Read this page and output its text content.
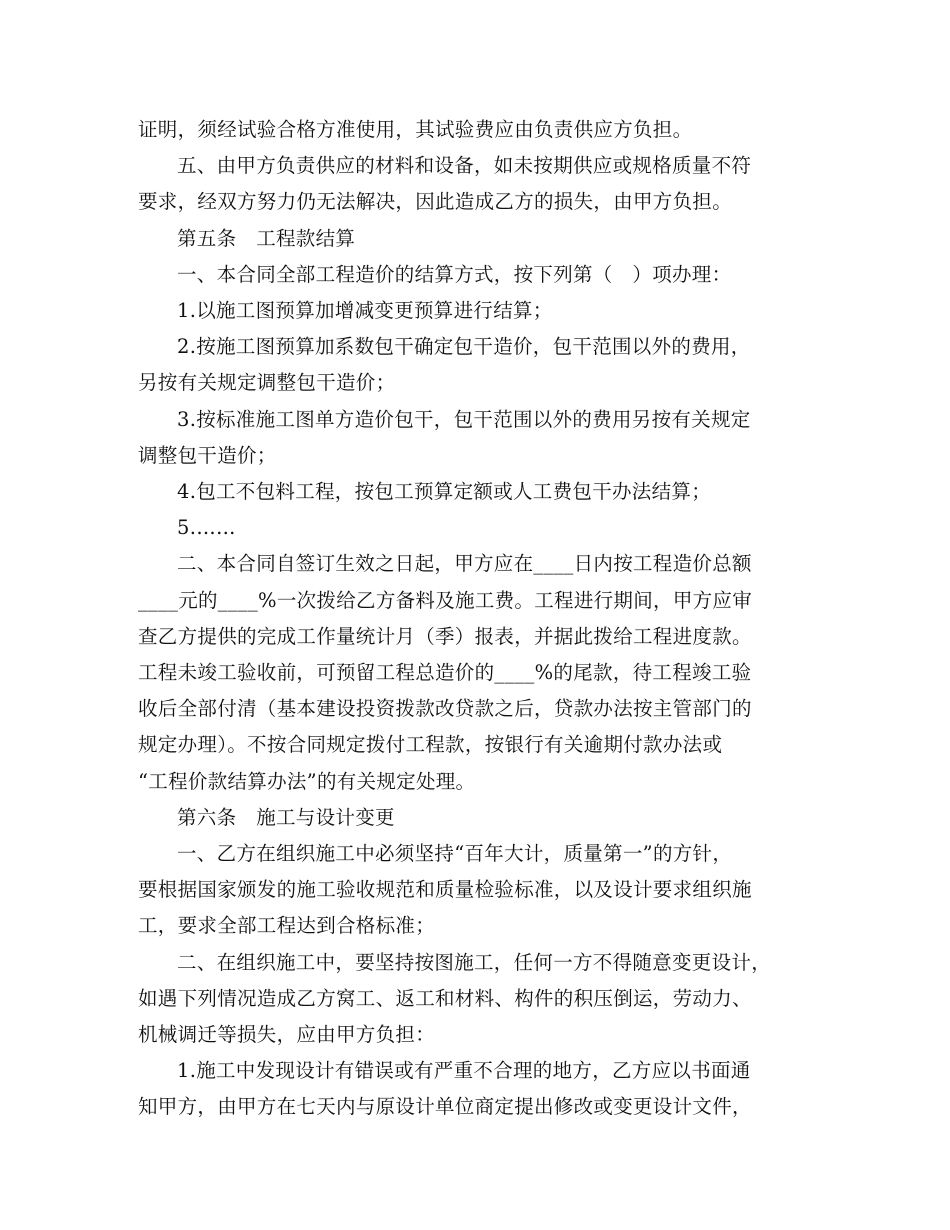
证明，须经试验合格方准使用，其试验费应由负责供应方负担。

五、由甲方负责供应的材料和设备，如未按期供应或规格质量不符

要求，经双方努力仍无法解决，因此造成乙方的损失，由甲方负担。

第五条　工程款结算

一、本合同全部工程造价的结算方式，按下列第（　）项办理：

1.以施工图预算加增减变更预算进行结算；

2.按施工图预算加系数包干确定包干造价，包干范围以外的费用，

另按有关规定调整包干造价；

3.按标准施工图单方造价包干，包干范围以外的费用另按有关规定

调整包干造价；

4.包工不包料工程，按包工预算定额或人工费包干办法结算；

5.……

二、本合同自签订生效之日起，甲方应在____日内按工程造价总额

____元的____%一次拨给乙方备料及施工费。工程进行期间，甲方应审

查乙方提供的完成工作量统计月（季）报表，并据此拨给工程进度款。

工程未竣工验收前，可预留工程总造价的____%的尾款，待工程竣工验

收后全部付清（基本建设投资拨款改贷款之后，贷款办法按主管部门的

规定办理）。不按合同规定拨付工程款，按银行有关逾期付款办法或

“工程价款结算办法”的有关规定处理。

第六条　施工与设计变更

一、乙方在组织施工中必须坚持“百年大计，质量第一”的方针，

要根据国家颁发的施工验收规范和质量检验标准，以及设计要求组织施

工，要求全部工程达到合格标准；

二、在组织施工中，要坚持按图施工，任何一方不得随意变更设计，

如遇下列情况造成乙方窝工、返工和材料、构件的积压倒运，劳动力、

机械调迁等损失，应由甲方负担：

1.施工中发现设计有错误或有严重不合理的地方，乙方应以书面通

知甲方，由甲方在七天内与原设计单位商定提出修改或变更设计文件，
